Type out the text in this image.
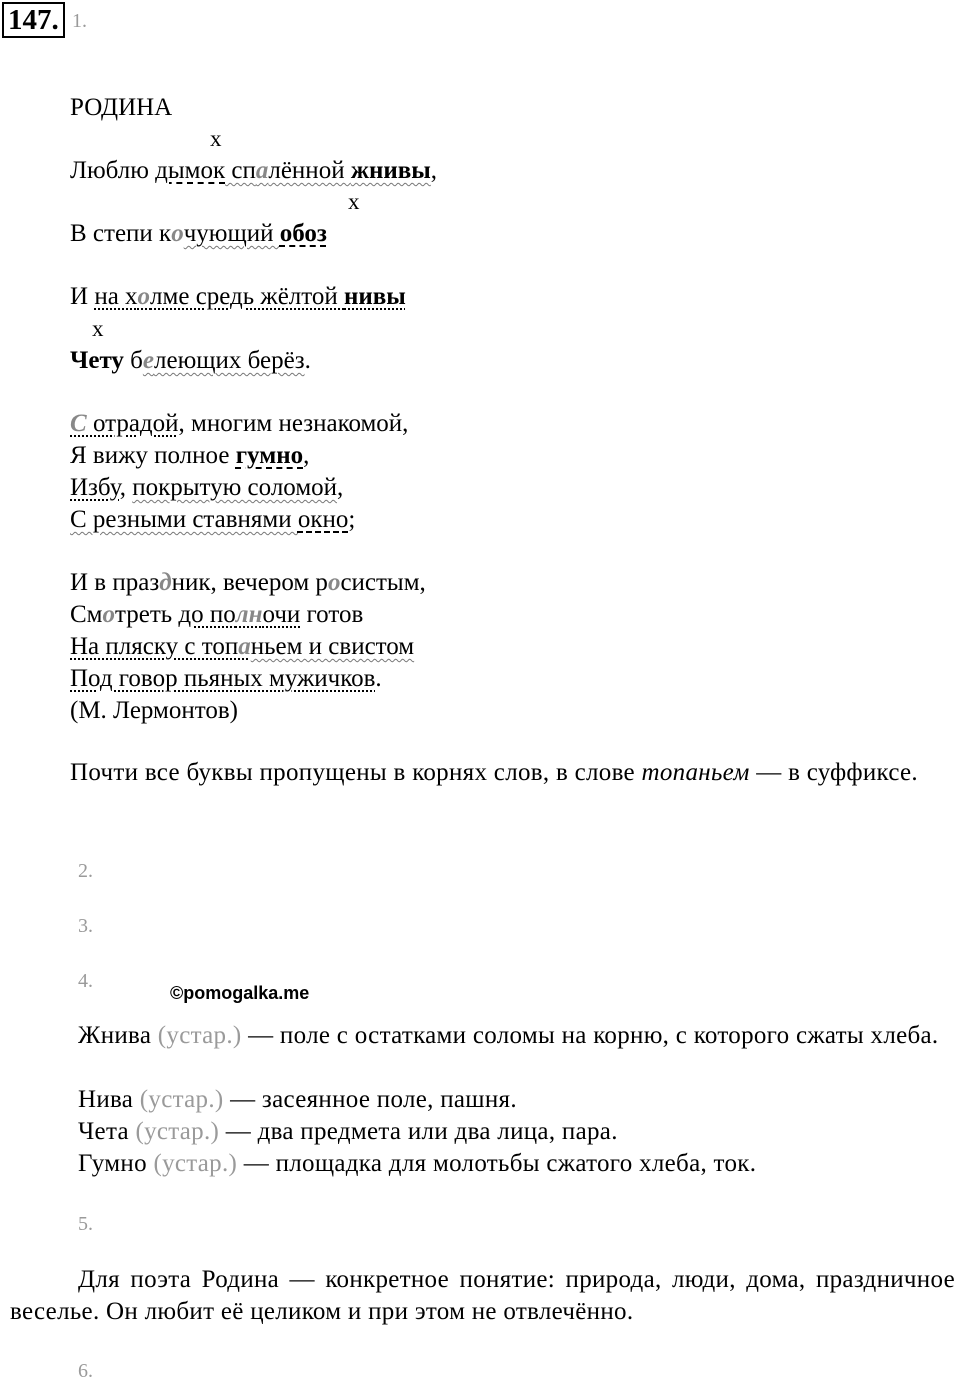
147. 1.
РОДИНА
х
Люблю дымок спалённой жнивы,
х
В степи кочующий обоз
И на холме средь жёлтой нивы
х
Чету белеющих берёз.
С отрадой, многим незнакомой,
Я вижу полное гумно,
Избу, покрытую соломой,
С резными ставнями окно;
И в праздник, вечером росистым,
Смотреть до полночи готов
На пляску с топаньем и свистом
Под говор пьяных мужичков.
(М. Лермонтов)
Почти все буквы пропущены в корнях слов, в слове топаньем — в суффиксе.
2.
3.
4.
©pomogalka.me
Жнива (устар.) — поле с остатками соломы на корню, с которого сжаты хлеба.
Нива (устар.) — засеянное поле, пашня.
Чета (устар.) — два предмета или два лица, пара.
Гумно (устар.) — площадка для молотьбы сжатого хлеба, ток.
5.
Для поэта Родина — конкретное понятие: природа, люди, дома, праздничное веселье. Он любит её целиком и при этом не отвлечённо.
6.
